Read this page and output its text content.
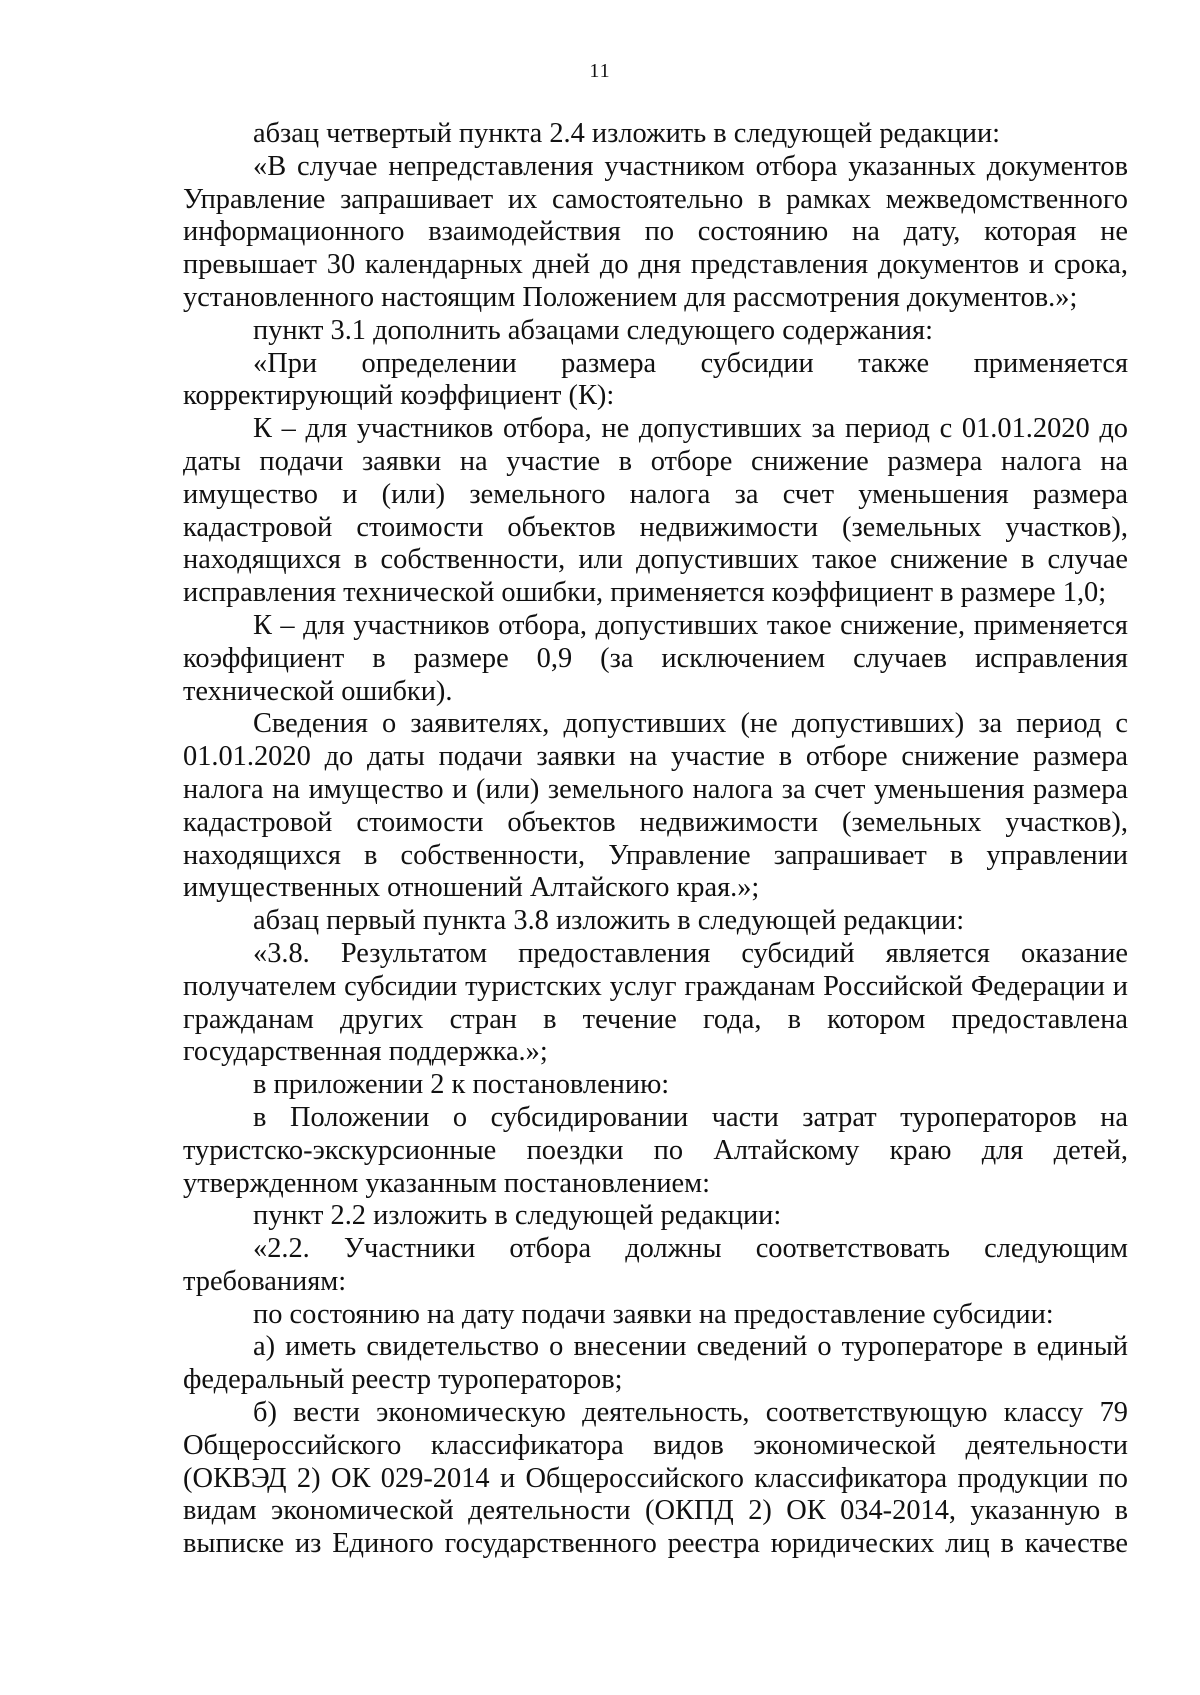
11

абзац четвертый пункта 2.4 изложить в следующей редакции:

«В случае непредставления участником отбора указанных документов Управление запрашивает их самостоятельно в рамках межведомственного информационного взаимодействия по состоянию на дату, которая не превышает 30 календарных дней до дня представления документов и срока, установленного настоящим Положением для рассмотрения документов.»;

пункт 3.1 дополнить абзацами следующего содержания:

«При определении размера субсидии также применяется корректирующий коэффициент (К):

К – для участников отбора, не допустивших за период с 01.01.2020 до даты подачи заявки на участие в отборе снижение размера налога на имущество и (или) земельного налога за счет уменьшения размера кадастровой стоимости объектов недвижимости (земельных участков), находящихся в собственности, или допустивших такое снижение в случае исправления технической ошибки, применяется коэффициент в размере 1,0;

К – для участников отбора, допустивших такое снижение, применяется коэффициент в размере 0,9 (за исключением случаев исправления технической ошибки).

Сведения о заявителях, допустивших (не допустивших) за период с 01.01.2020 до даты подачи заявки на участие в отборе снижение размера налога на имущество и (или) земельного налога за счет уменьшения размера кадастровой стоимости объектов недвижимости (земельных участков), находящихся в собственности, Управление запрашивает в управлении имущественных отношений Алтайского края.»;

абзац первый пункта 3.8 изложить в следующей редакции:

«3.8. Результатом предоставления субсидий является оказание получателем субсидии туристских услуг гражданам Российской Федерации и гражданам других стран в течение года, в котором предоставлена государственная поддержка.»;

в приложении 2 к постановлению:

в Положении о субсидировании части затрат туроператоров на туристско-экскурсионные поездки по Алтайскому краю для детей, утвержденном указанным постановлением:

пункт 2.2 изложить в следующей редакции:

«2.2. Участники отбора должны соответствовать следующим требованиям:

по состоянию на дату подачи заявки на предоставление субсидии:

а) иметь свидетельство о внесении сведений о туроператоре в единый федеральный реестр туроператоров;

б) вести экономическую деятельность, соответствующую классу 79 Общероссийского классификатора видов экономической деятельности (ОКВЭД 2) ОК 029-2014 и Общероссийского классификатора продукции по видам экономической деятельности (ОКПД 2) ОК 034-2014, указанную в выписке из Единого государственного реестра юридических лиц в качестве
